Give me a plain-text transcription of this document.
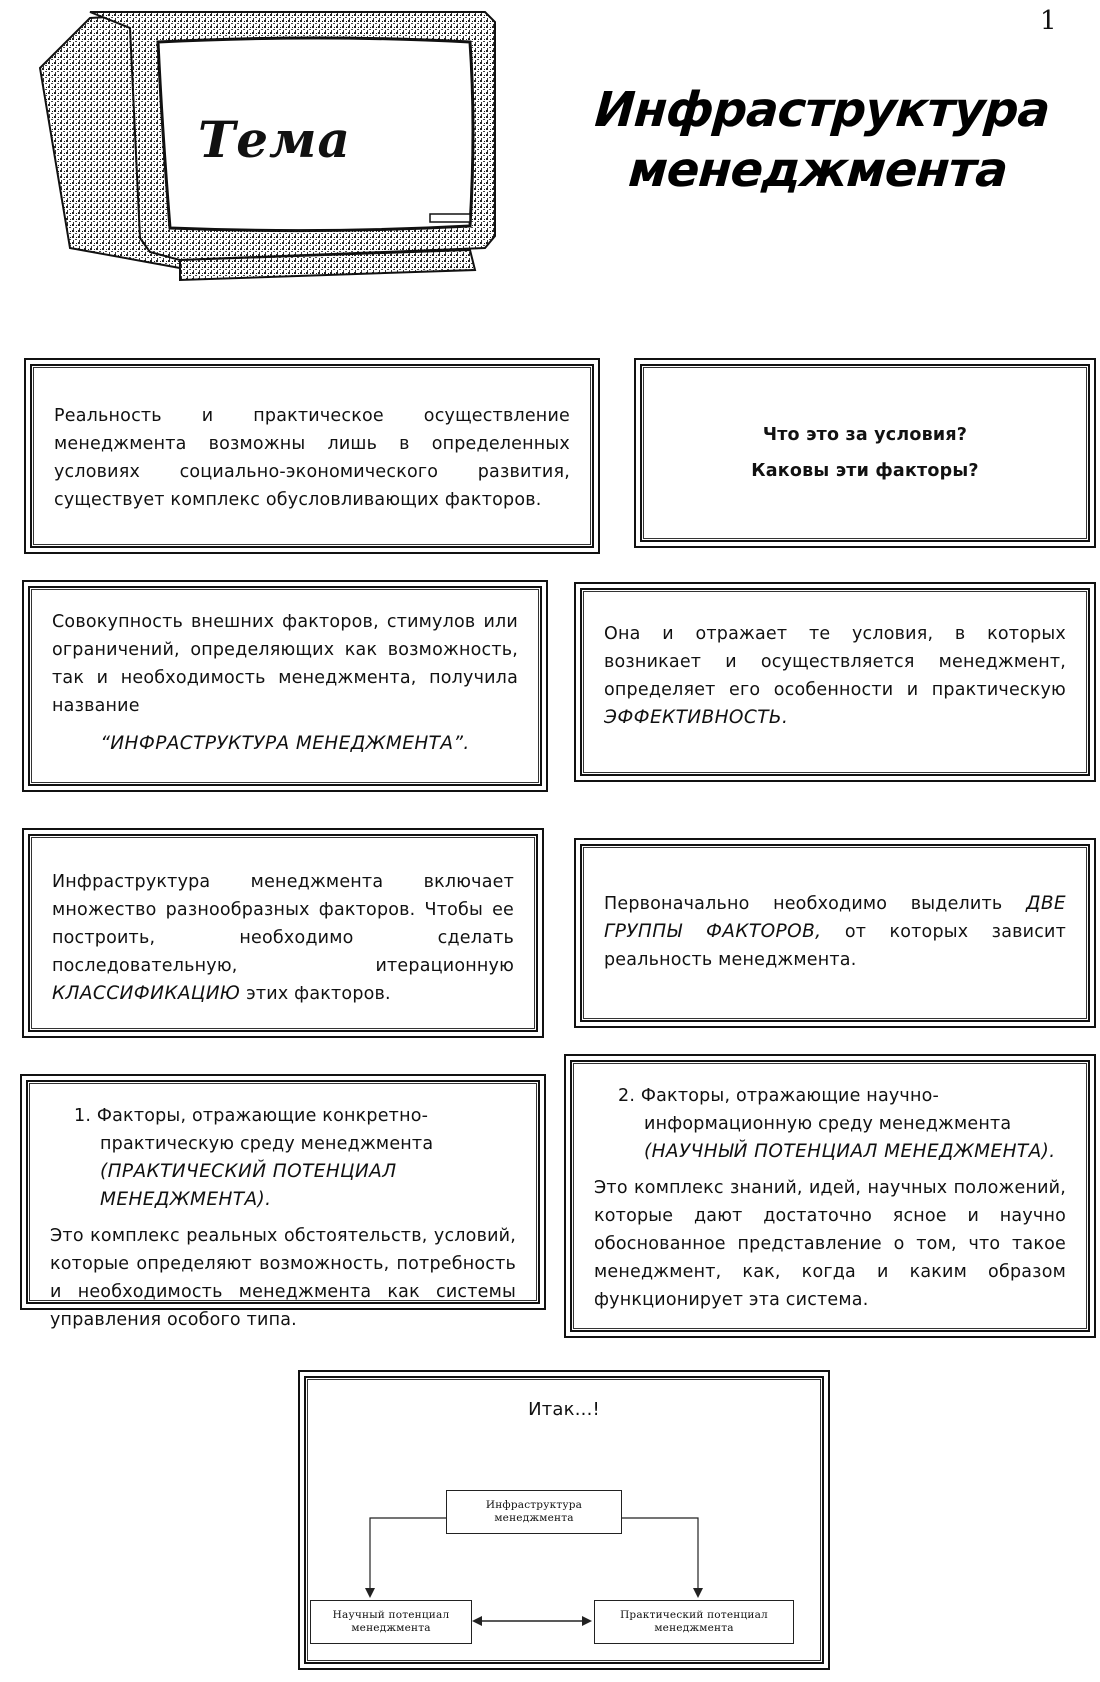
1
Тема	Инфраструктура
менеджмента
Реальность и практическое осуществление менеджмента возможны лишь в определенных условиях социально-экономического развития, существует комплекс обусловливающих факторов.

Что это за условия?

Каковы эти факторы?

Совокупность внешних факторов, стимулов или ограничений, определяющих как возможность, так и необходимость менеджмента, получила название

“ИНФРАСТРУКТУРА МЕНЕДЖМЕНТА”.

Она и отражает те условия, в которых возникает и осуществляется менеджмент, определяет его особенности и практическую ЭФФЕКТИВНОСТЬ.
Инфраструктура менеджмента включает множество разнообразных факторов. Чтобы ее построить, необходимо сделать последовательную, итерационную КЛАССИФИКАЦИЮ этих факторов.
Первоначально необходимо выделить ДВЕ ГРУППЫ ФАКТОРОВ, от которых зависит реальность менеджмента.

1. Факторы, отражающие конкретно-практическую среду менеджмента (ПРАКТИЧЕСКИЙ ПОТЕНЦИАЛ МЕНЕДЖМЕНТА).

Это комплекс реальных обстоятельств, условий, которые определяют возможность, потребность и необходимость менеджмента как системы управления особого типа.

2. Факторы, отражающие научно-информационную среду менеджмента (НАУЧНЫЙ ПОТЕНЦИАЛ МЕНЕДЖМЕНТА).

Это комплекс знаний, идей, научных положений, которые дают достаточно ясное и научно обоснованное представление о том, что такое менеджмент, как, когда и каким образом функционирует эта система.

Итак...!
Инфраструктура
менеджмента
Научный потенциал
менеджмента
Практический потенциал
менеджмента
